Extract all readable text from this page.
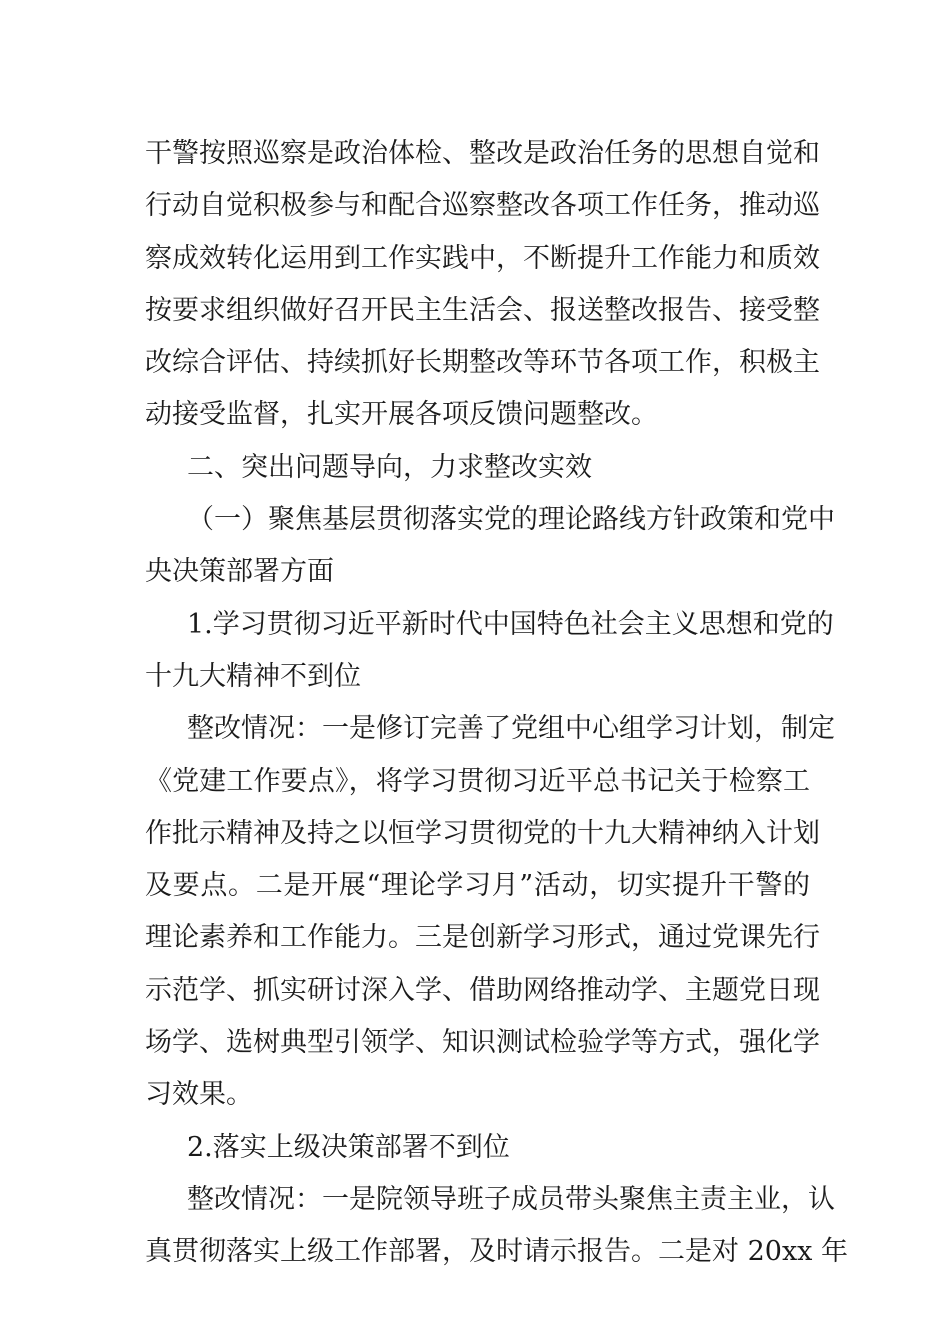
干警按照巡察是政治体检、整改是政治任务的思想自觉和
行动自觉积极参与和配合巡察整改各项工作任务，推动巡
察成效转化运用到工作实践中，不断提升工作能力和质效
按要求组织做好召开民主生活会、报送整改报告、接受整
改综合评估、持续抓好长期整改等环节各项工作，积极主
动接受监督，扎实开展各项反馈问题整改。
二、突出问题导向，力求整改实效
（一）聚焦基层贯彻落实党的理论路线方针政策和党中
央决策部署方面
1.学习贯彻习近平新时代中国特色社会主义思想和党的
十九大精神不到位
整改情况：一是修订完善了党组中心组学习计划，制定
《党建工作要点》，将学习贯彻习近平总书记关于检察工
作批示精神及持之以恒学习贯彻党的十九大精神纳入计划
及要点。二是开展“理论学习月”活动，切实提升干警的
理论素养和工作能力。三是创新学习形式，通过党课先行
示范学、抓实研讨深入学、借助网络推动学、主题党日现
场学、选树典型引领学、知识测试检验学等方式，强化学
习效果。
2.落实上级决策部署不到位
整改情况：一是院领导班子成员带头聚焦主责主业，认
真贯彻落实上级工作部署，及时请示报告。二是对 20xx 年
